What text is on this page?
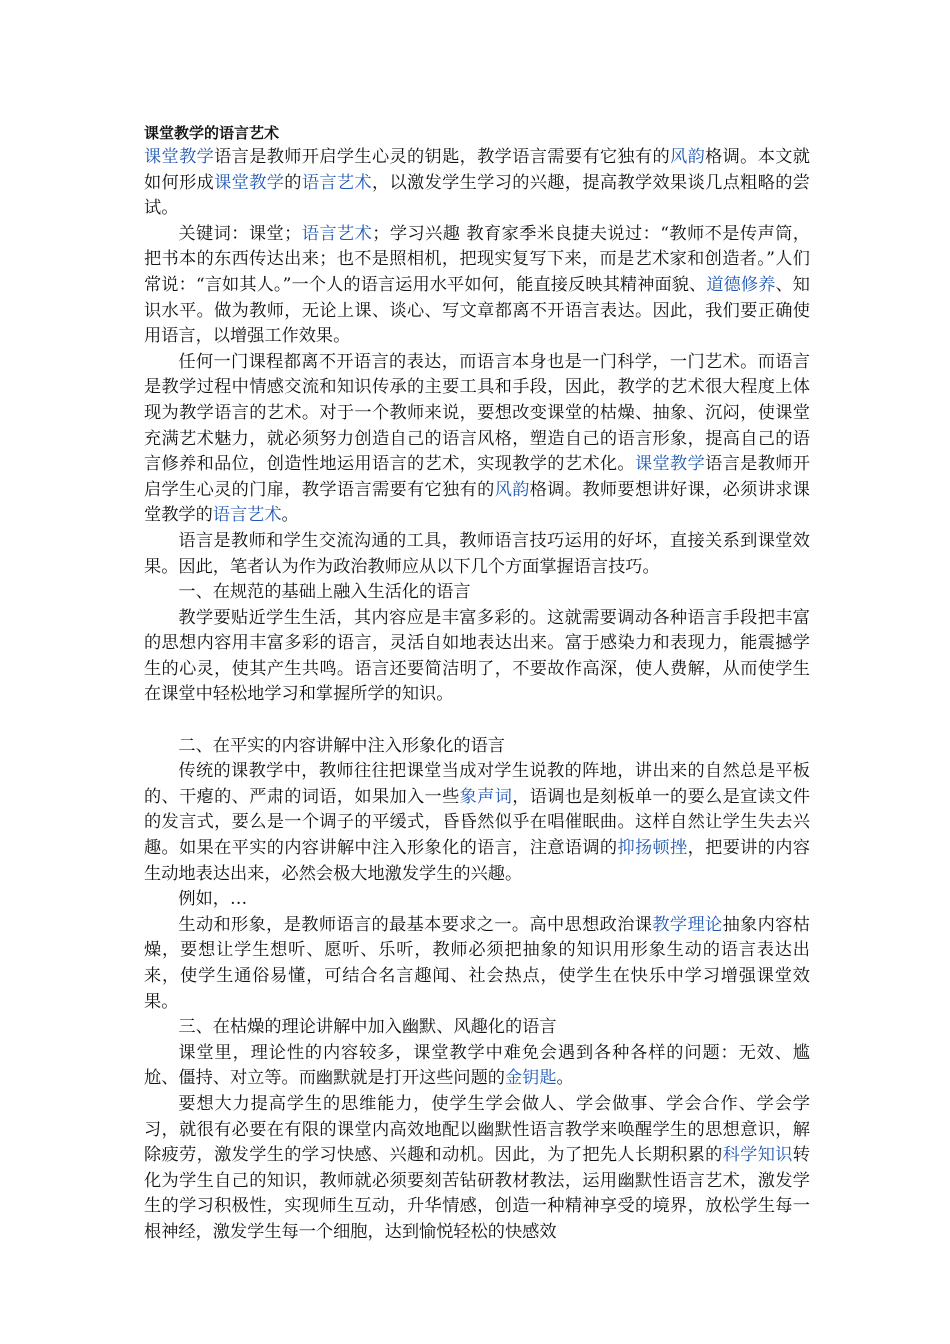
课堂教学的语言艺术

课堂教学语言是教师开启学生心灵的钥匙，教学语言需要有它独有的风韵格调。本文就如何形成课堂教学的语言艺术，以激发学生学习的兴趣，提高教学效果谈几点粗略的尝试。

关键词：课堂；语言艺术；学习兴趣 教育家季米良捷夫说过：“教师不是传声筒，把书本的东西传达出来；也不是照相机，把现实复写下来，而是艺术家和创造者。”人们常说：“言如其人。”一个人的语言运用水平如何，能直接反映其精神面貌、道德修养、知识水平。做为教师，无论上课、谈心、写文章都离不开语言表达。因此，我们要正确使用语言，以增强工作效果。

任何一门课程都离不开语言的表达，而语言本身也是一门科学，一门艺术。而语言是教学过程中情感交流和知识传承的主要工具和手段，因此，教学的艺术很大程度上体现为教学语言的艺术。对于一个教师来说，要想改变课堂的枯燥、抽象、沉闷，使课堂充满艺术魅力，就必须努力创造自己的语言风格，塑造自己的语言形象，提高自己的语言修养和品位，创造性地运用语言的艺术，实现教学的艺术化。课堂教学语言是教师开启学生心灵的门扉，教学语言需要有它独有的风韵格调。教师要想讲好课，必须讲求课堂教学的语言艺术。

语言是教师和学生交流沟通的工具，教师语言技巧运用的好坏，直接关系到课堂效果。因此，笔者认为作为政治教师应从以下几个方面掌握语言技巧。

一、在规范的基础上融入生活化的语言

教学要贴近学生生活，其内容应是丰富多彩的。这就需要调动各种语言手段把丰富的思想内容用丰富多彩的语言，灵活自如地表达出来。富于感染力和表现力，能震撼学生的心灵，使其产生共鸣。语言还要简洁明了，不要故作高深，使人费解，从而使学生在课堂中轻松地学习和掌握所学的知识。

二、在平实的内容讲解中注入形象化的语言

传统的课教学中，教师往往把课堂当成对学生说教的阵地，讲出来的自然总是平板的、干瘪的、严肃的词语，如果加入一些象声词，语调也是刻板单一的要么是宣读文件的发言式，要么是一个调子的平缓式，昏昏然似乎在唱催眠曲。这样自然让学生失去兴趣。如果在平实的内容讲解中注入形象化的语言，注意语调的抑扬顿挫，把要讲的内容生动地表达出来，必然会极大地激发学生的兴趣。

例如，…

生动和形象，是教师语言的最基本要求之一。高中思想政治课教学理论抽象内容枯燥，要想让学生想听、愿听、乐听，教师必须把抽象的知识用形象生动的语言表达出来，使学生通俗易懂，可结合名言趣闻、社会热点，使学生在快乐中学习增强课堂效果。

三、在枯燥的理论讲解中加入幽默、风趣化的语言

课堂里，理论性的内容较多，课堂教学中难免会遇到各种各样的问题：无效、尴尬、僵持、对立等。而幽默就是打开这些问题的金钥匙。

要想大力提高学生的思维能力，使学生学会做人、学会做事、学会合作、学会学习，就很有必要在有限的课堂内高效地配以幽默性语言教学来唤醒学生的思想意识，解除疲劳，激发学生的学习快感、兴趣和动机。因此，为了把先人长期积累的科学知识转化为学生自己的知识，教师就必须要刻苦钻研教材教法，运用幽默性语言艺术，激发学生的学习积极性，实现师生互动，升华情感，创造一种精神享受的境界，放松学生每一根神经，激发学生每一个细胞，达到愉悦轻松的快感效
